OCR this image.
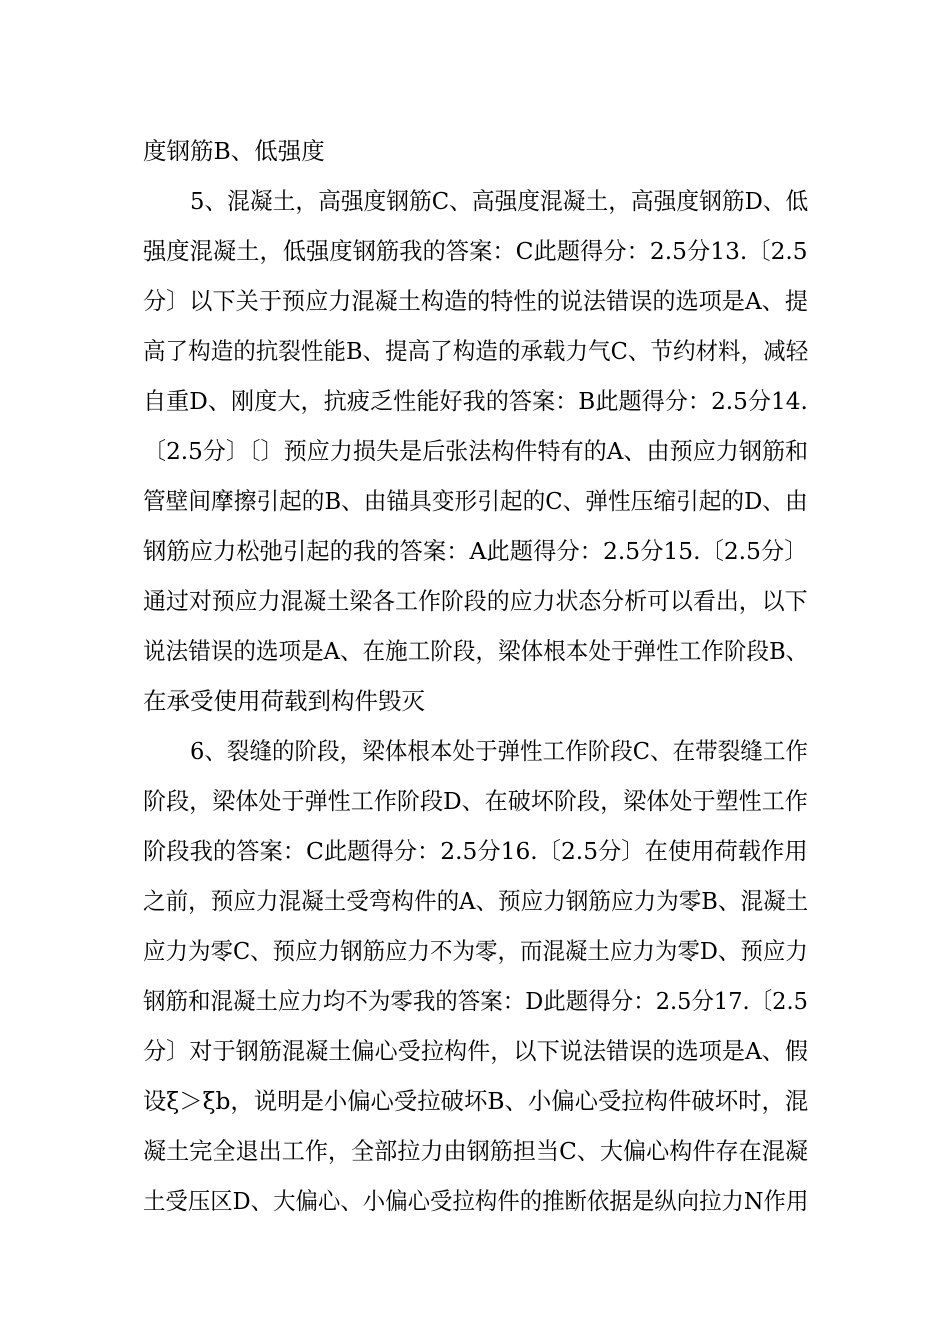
度钢筋B、低强度
5、混凝土，高强度钢筋C、高强度混凝土，高强度钢筋D、低
强度混凝土，低强度钢筋我的答案：C此题得分：2.5分13.〔2.5
分〕以下关于预应力混凝土构造的特性的说法错误的选项是A、提
高了构造的抗裂性能B、提高了构造的承载力气C、节约材料，减轻
自重D、刚度大，抗疲乏性能好我的答案：B此题得分：2.5分14.
〔2.5分〕〔〕预应力损失是后张法构件特有的A、由预应力钢筋和
管壁间摩擦引起的B、由锚具变形引起的C、弹性压缩引起的D、由
钢筋应力松弛引起的我的答案：A此题得分：2.5分15.〔2.5分〕
通过对预应力混凝土梁各工作阶段的应力状态分析可以看出，以下
说法错误的选项是A、在施工阶段，梁体根本处于弹性工作阶段B、
在承受使用荷载到构件毁灭
6、裂缝的阶段，梁体根本处于弹性工作阶段C、在带裂缝工作
阶段，梁体处于弹性工作阶段D、在破坏阶段，梁体处于塑性工作
阶段我的答案：C此题得分：2.5分16.〔2.5分〕在使用荷载作用
之前，预应力混凝土受弯构件的A、预应力钢筋应力为零B、混凝土
应力为零C、预应力钢筋应力不为零，而混凝土应力为零D、预应力
钢筋和混凝土应力均不为零我的答案：D此题得分：2.5分17.〔2.5
分〕对于钢筋混凝土偏心受拉构件，以下说法错误的选项是A、假
设ξ＞ξb，说明是小偏心受拉破坏B、小偏心受拉构件破坏时，混
凝土完全退出工作，全部拉力由钢筋担当C、大偏心构件存在混凝
土受压区D、大偏心、小偏心受拉构件的推断依据是纵向拉力N作用
